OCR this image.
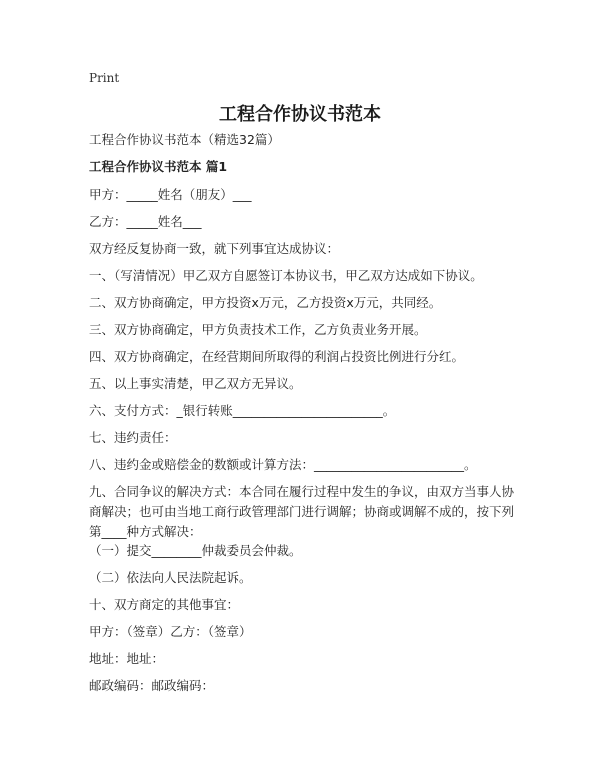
Print
工程合作协议书范本
工程合作协议书范本（精选32篇）
工程合作协议书范本 篇1
甲方：_____姓名（朋友）___
乙方：_____姓名___
双方经反复协商一致，就下列事宜达成协议：
一、（写清情况）甲乙双方自愿签订本协议书，甲乙双方达成如下协议。
二、双方协商确定，甲方投资x万元，乙方投资x万元，共同经。
三、双方协商确定，甲方负责技术工作，乙方负责业务开展。
四、双方协商确定，在经营期间所取得的利润占投资比例进行分红。
五、以上事实清楚，甲乙双方无异议。
六、支付方式：_银行转账________________________。
七、违约责任：
八、违约金或赔偿金的数额或计算方法：________________________。
九、合同争议的解决方式：本合同在履行过程中发生的争议，由双方当事人协商解决；也可由当地工商行政管理部门进行调解；协商或调解不成的，按下列第____种方式解决：
（一）提交________仲裁委员会仲裁。
（二）依法向人民法院起诉。
十、双方商定的其他事宜：
甲方：（签章）乙方：（签章）
地址：地址：
邮政编码：邮政编码：
